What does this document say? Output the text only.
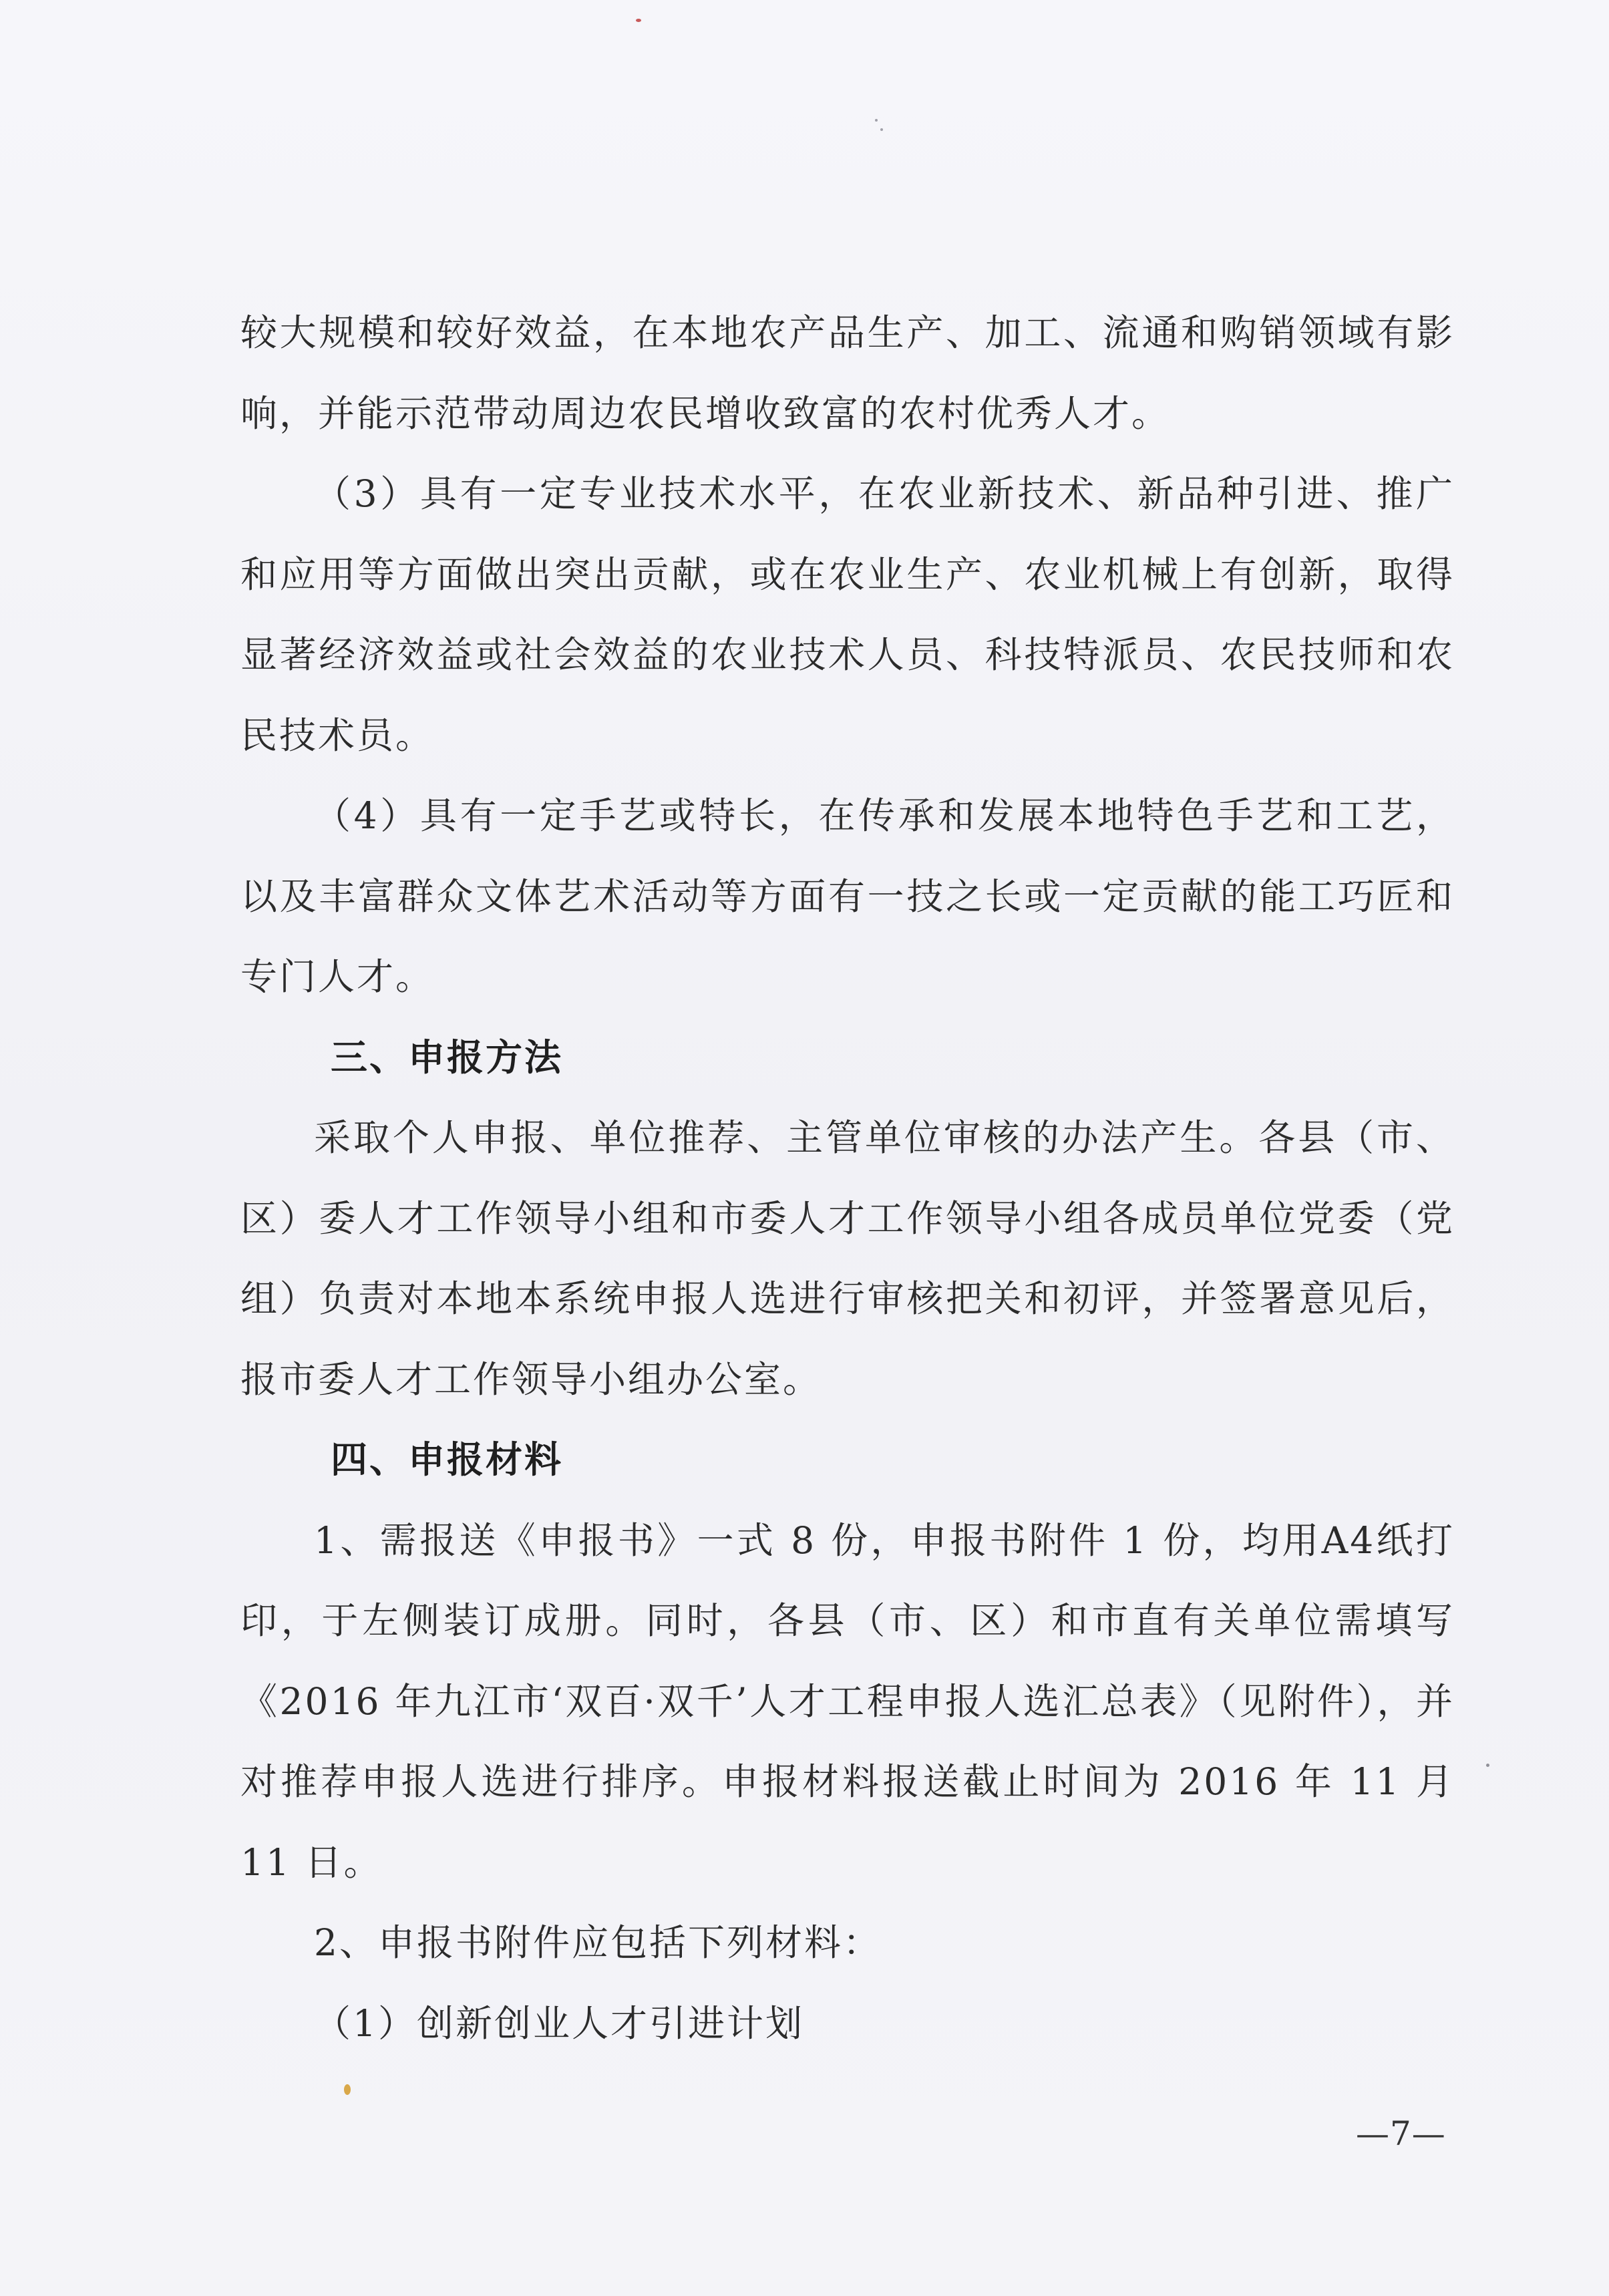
较大规模和较好效益，在本地农产品生产、加工、流通和购销领域有影响，并能示范带动周边农民增收致富的农村优秀人才。

（3）具有一定专业技术水平，在农业新技术、新品种引进、推广和应用等方面做出突出贡献，或在农业生产、农业机械上有创新，取得显著经济效益或社会效益的农业技术人员、科技特派员、农民技师和农民技术员。

（4）具有一定手艺或特长，在传承和发展本地特色手艺和工艺，以及丰富群众文体艺术活动等方面有一技之长或一定贡献的能工巧匠和专门人才。

三、申报方法

采取个人申报、单位推荐、主管单位审核的办法产生。各县（市、区）委人才工作领导小组和市委人才工作领导小组各成员单位党委（党组）负责对本地本系统申报人选进行审核把关和初评，并签署意见后，报市委人才工作领导小组办公室。

四、申报材料

1、需报送《申报书》一式 8 份，申报书附件 1 份，均用A4纸打印，于左侧装订成册。同时，各县（市、区）和市直有关单位需填写《2016 年九江市‘双百·双千’人才工程申报人选汇总表》（见附件），并对推荐申报人选进行排序。申报材料报送截止时间为 2016 年 11 月 11 日。

2、申报书附件应包括下列材料：

（1）创新创业人才引进计划

—7—
